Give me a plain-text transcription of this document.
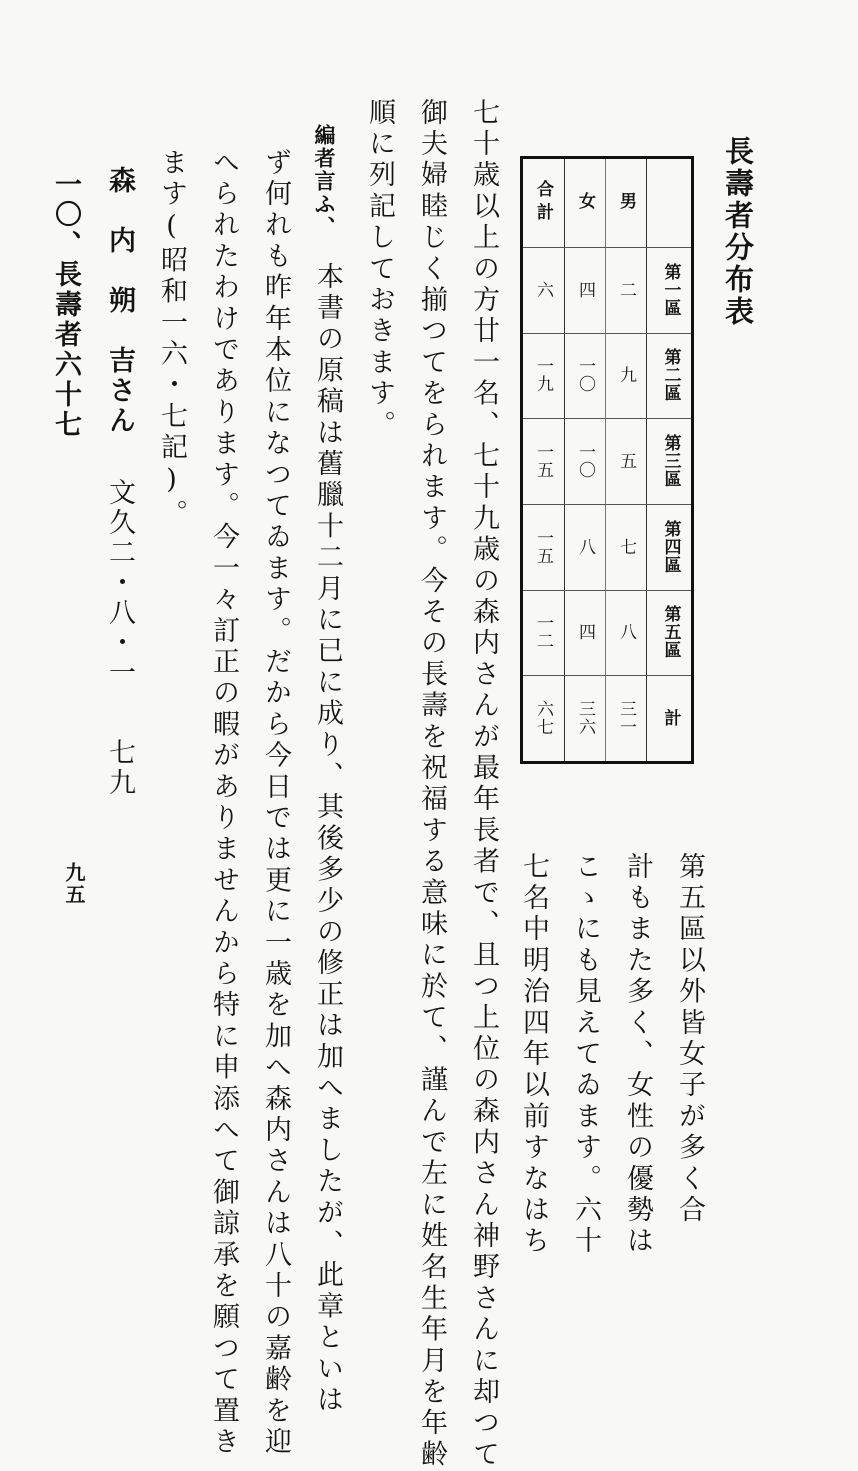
長壽者分布表
第一區
第二區
第三區
第四區
第五區
計
男
二
九
五
七
八
三一
女
四
一〇
一〇
八
四
三六
合計
六
一九
一五
一五
一二
六七
第五區以外皆女子が多く合
計もまた多く、女性の優勢は
こゝにも見えてゐます。六十
七名中明治四年以前すなはち
七十歳以上の方廿一名、七十九歳の森内さんが最年長者で、且つ上位の森内さん神野さんに却つて
御夫婦睦じく揃つてをられます。今その長壽を祝福する意味に於て、謹んで左に姓名生年月を年齢
順に列記しておきます。
編者言ふ、
本書の原稿は舊臘十二月に已に成り、其後多少の修正は加へましたが、此章といは
ず何れも昨年本位になつてゐます。だから今日では更に一歳を加へ森内さんは八十の嘉齢を迎
へられたわけであります。今一々訂正の暇がありませんから特に申添へて御諒承を願つて置き
ます(昭和一六・七記)。
森　内　朔　吉さん
文久二・八・一
七九
一〇、長壽者六十七
九五
